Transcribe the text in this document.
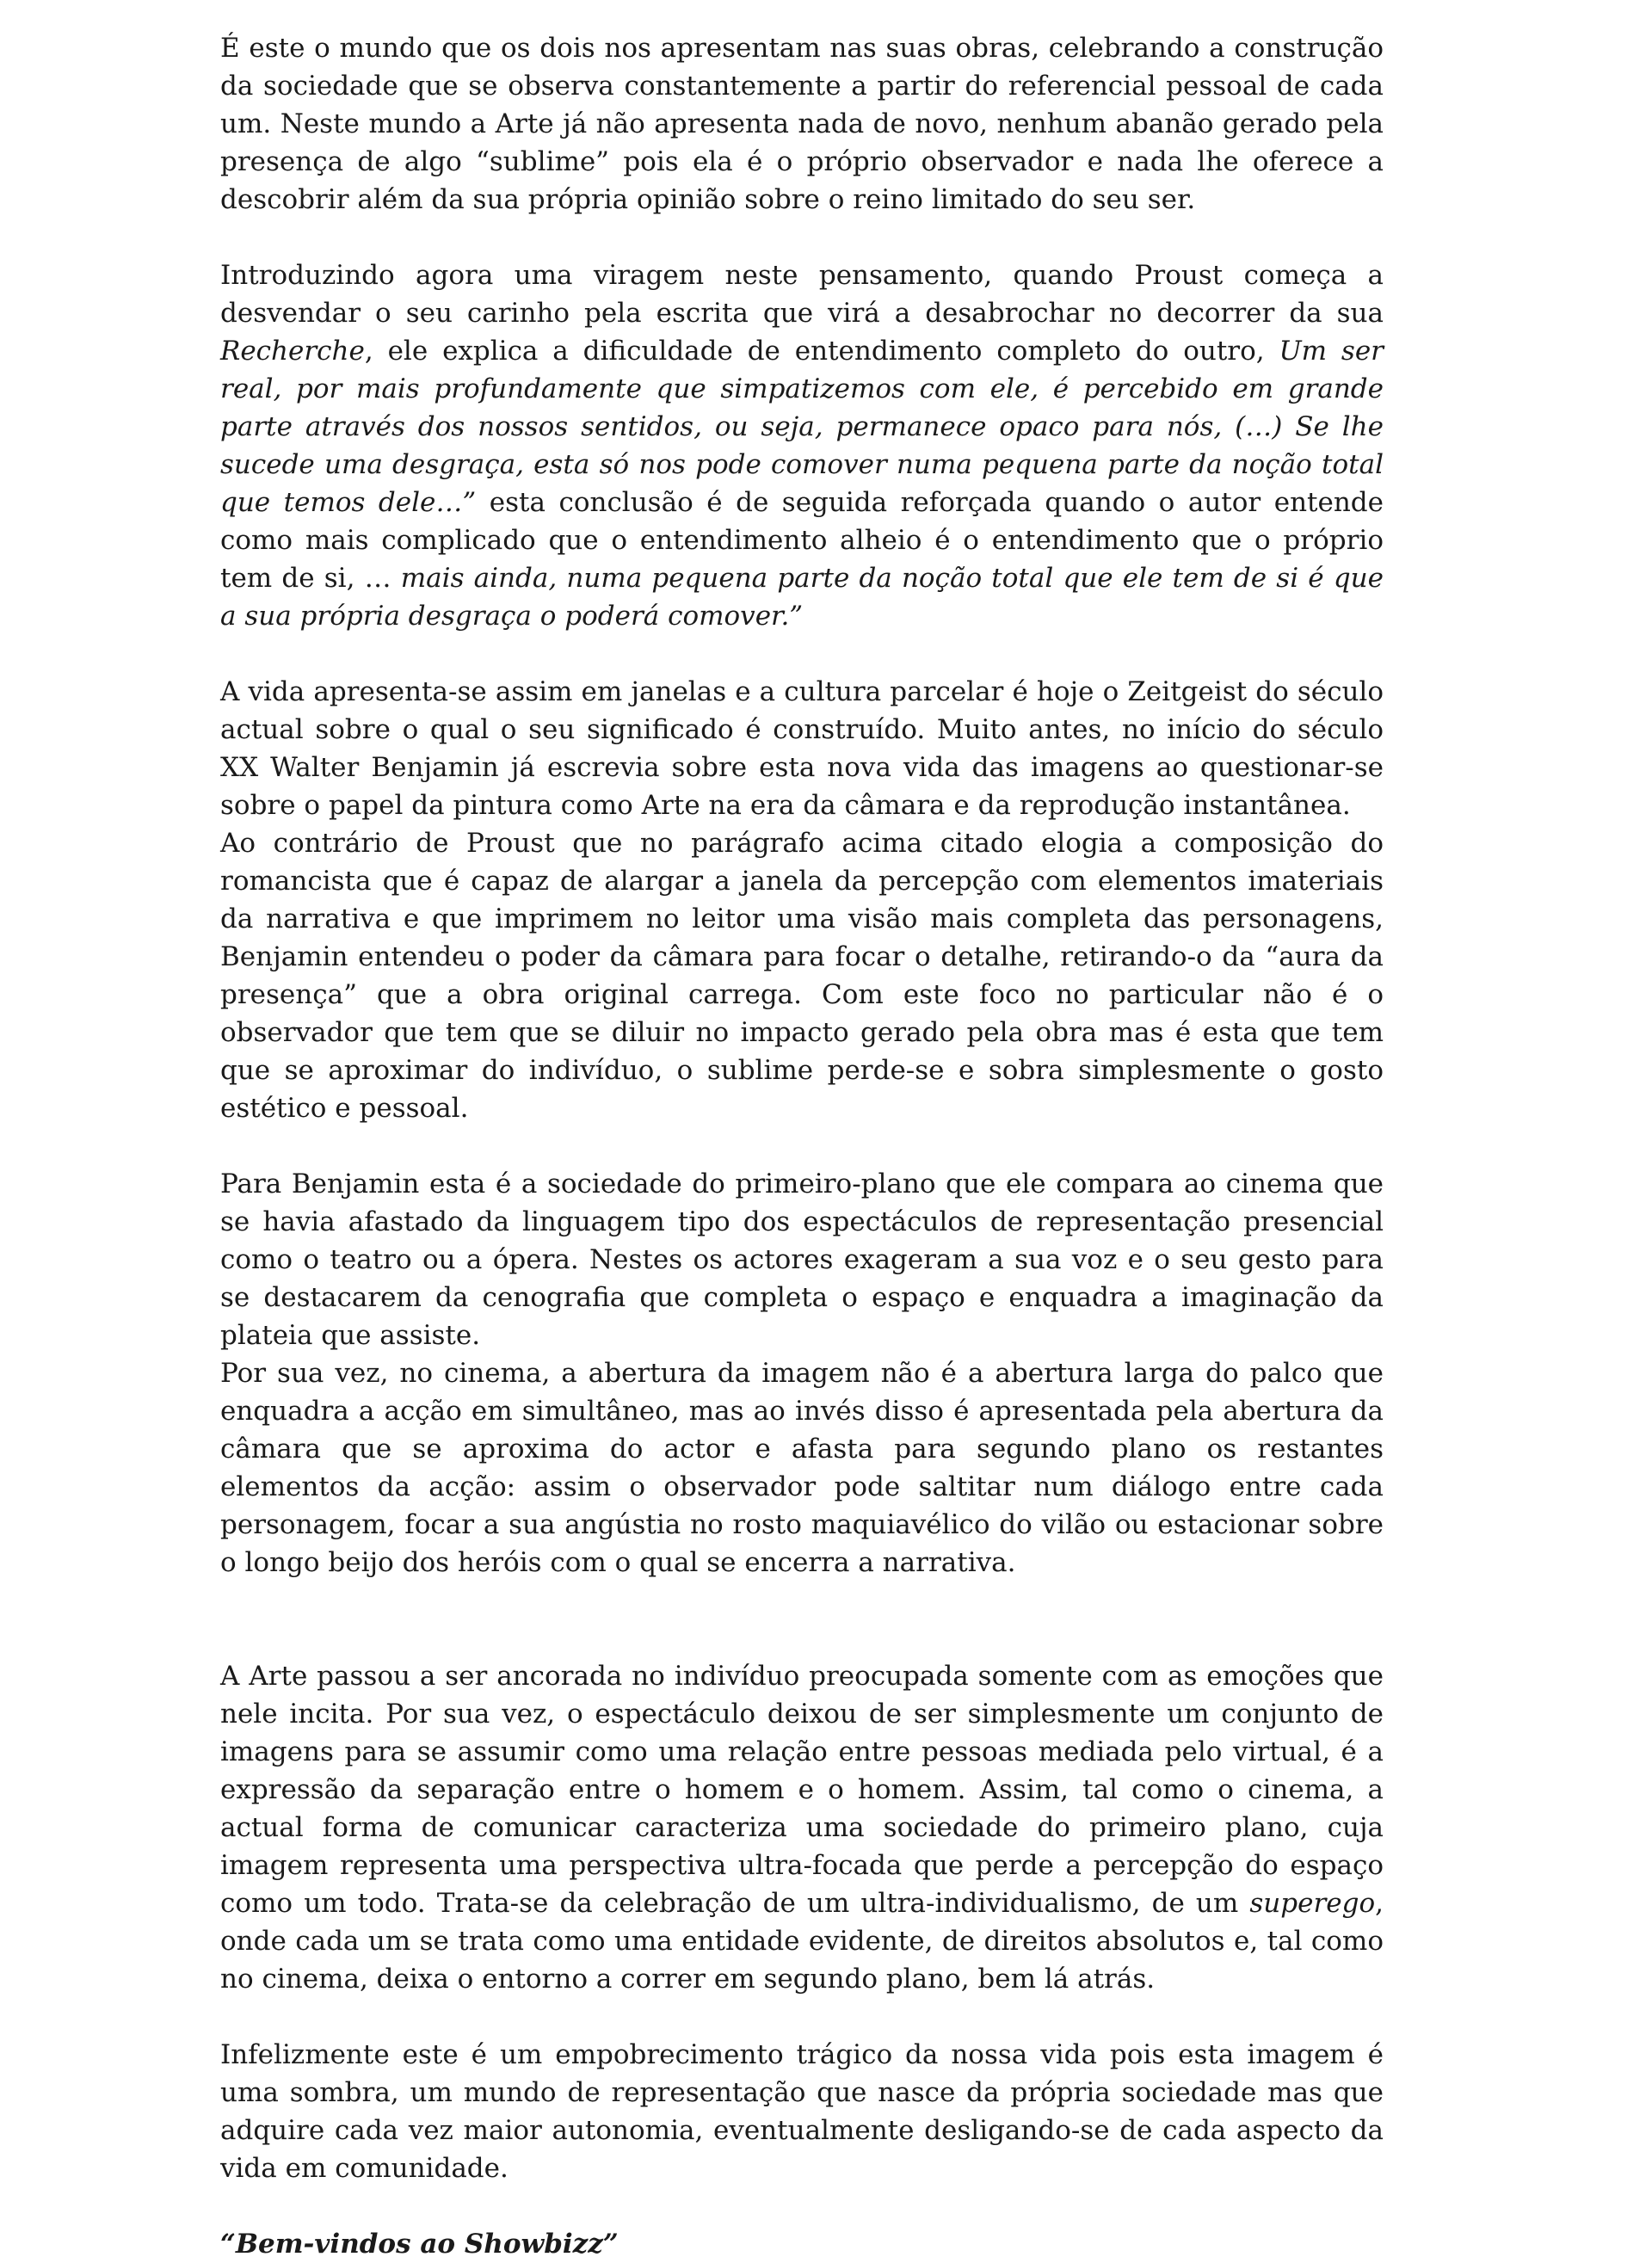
É este o mundo que os dois nos apresentam nas suas obras, celebrando a construção da sociedade que se observa constantemente a partir do referencial pessoal de cada um. Neste mundo a Arte já não apresenta nada de novo, nenhum abanão gerado pela presença de algo “sublime” pois ela é o próprio observador e nada lhe oferece a descobrir além da sua própria opinião sobre o reino limitado do seu ser.

Introduzindo agora uma viragem neste pensamento, quando Proust começa a desvendar o seu carinho pela escrita que virá a desabrochar no decorrer da sua Recherche, ele explica a dificuldade de entendimento completo do outro, Um ser real, por mais profundamente que simpatizemos com ele, é percebido em grande parte através dos nossos sentidos, ou seja, permanece opaco para nós, (…) Se lhe sucede uma desgraça, esta só nos pode comover numa pequena parte da noção total que temos dele…” esta conclusão é de seguida reforçada quando o autor entende como mais complicado que o entendimento alheio é o entendimento que o próprio tem de si, … mais ainda, numa pequena parte da noção total que ele tem de si é que a sua própria desgraça o poderá comover.”

A vida apresenta-se assim em janelas e a cultura parcelar é hoje o Zeitgeist do século actual sobre o qual o seu significado é construído. Muito antes, no início do século XX Walter Benjamin já escrevia sobre esta nova vida das imagens ao questionar-se sobre o papel da pintura como Arte na era da câmara e da reprodução instantânea.

Ao contrário de Proust que no parágrafo acima citado elogia a composição do romancista que é capaz de alargar a janela da percepção com elementos imateriais da narrativa e que imprimem no leitor uma visão mais completa das personagens, Benjamin entendeu o poder da câmara para focar o detalhe, retirando-o da “aura da presença” que a obra original carrega. Com este foco no particular não é o observador que tem que se diluir no impacto gerado pela obra mas é esta que tem que se aproximar do indivíduo, o sublime perde-se e sobra simplesmente o gosto estético e pessoal.

Para Benjamin esta é a sociedade do primeiro-plano que ele compara ao cinema que se havia afastado da linguagem tipo dos espectáculos de representação presencial como o teatro ou a ópera. Nestes os actores exageram a sua voz e o seu gesto para se destacarem da cenografia que completa o espaço e enquadra a imaginação da plateia que assiste.

Por sua vez, no cinema, a abertura da imagem não é a abertura larga do palco que enquadra a acção em simultâneo, mas ao invés disso é apresentada pela abertura da câmara que se aproxima do actor e afasta para segundo plano os restantes elementos da acção: assim o observador pode saltitar num diálogo entre cada personagem, focar a sua angústia no rosto maquiavélico do vilão ou estacionar sobre o longo beijo dos heróis com o qual se encerra a narrativa.

A Arte passou a ser ancorada no indivíduo preocupada somente com as emoções que nele incita. Por sua vez, o espectáculo deixou de ser simplesmente um conjunto de imagens para se assumir como uma relação entre pessoas mediada pelo virtual, é a expressão da separação entre o homem e o homem. Assim, tal como o cinema, a actual forma de comunicar caracteriza uma sociedade do primeiro plano, cuja imagem representa uma perspectiva ultra-focada que perde a percepção do espaço como um todo. Trata-se da celebração de um ultra-individualismo, de um superego, onde cada um se trata como uma entidade evidente, de direitos absolutos e, tal como no cinema, deixa o entorno a correr em segundo plano, bem lá atrás.

Infelizmente este é um empobrecimento trágico da nossa vida pois esta imagem é uma sombra, um mundo de representação que nasce da própria sociedade mas que adquire cada vez maior autonomia, eventualmente desligando-se de cada aspecto da vida em comunidade.

“Bem-vindos ao Showbizz”
